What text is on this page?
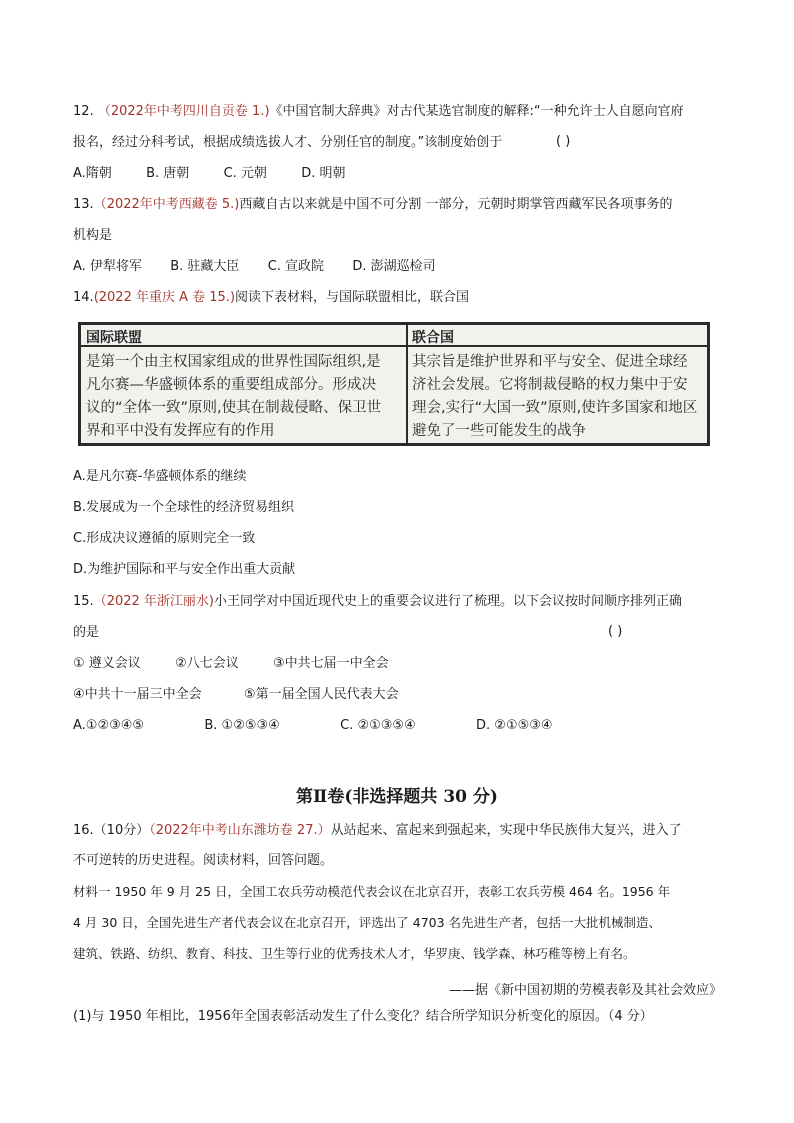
12. （2022年中考四川自贡卷 1.)《中国官制大辞典》对古代某选官制度的解释:“一种允许士人自愿向官府
报名，经过分科考试，根据成绩选拔人才、分别任官的制度。”该制度始创于	( )
A.隋朝	B. 唐朝	C. 元朝	D. 明朝
13.（2022年中考西藏卷 5.)西藏自古以来就是中国不可分割 一部分，元朝时期掌管西藏军民各项事务的
机构是
A. 伊犁将军 B. 驻藏大臣 C. 宣政院 D. 澎湖巡检司
14.(2022 年重庆 A 卷 15.)阅读下表材料，与国际联盟相比，联合国
国际联盟	联合国
是第一个由主权国家组成的世界性国际组织,是
凡尔赛—华盛顿体系的重要组成部分。形成决
议的“全体一致”原则,使其在制裁侵略、保卫世
界和平中没有发挥应有的作用
其宗旨是维护世界和平与安全、促进全球经
济社会发展。它将制裁侵略的权力集中于安
理会,实行“大国一致”原则,使许多国家和地区
避免了一些可能发生的战争
A.是凡尔赛-华盛顿体系的继续
B.发展成为一个全球性的经济贸易组织
C.形成决议遵循的原则完全一致
D.为维护国际和平与安全作出重大贡献
15.（2022 年浙江丽水)小王同学对中国近现代史上的重要会议进行了梳理。以下会议按时间顺序排列正确
的是	( )
① 遵义会议	②八七会议	③中共七届一中全会
④中共十一届三中全会	⑤第一届全国人民代表大会
A.①②③④⑤	B. ①②⑤③④	C. ②①③⑤④	D. ②①⑤③④
第Ⅱ卷(非选择题共 30 分)
16.（10分）（2022年中考山东潍坊卷 27.）从站起来、富起来到强起来，实现中华民族伟大复兴，进入了
不可逆转的历史进程。阅读材料，回答问题。
材料一 1950 年 9 月 25 日，全国工农兵劳动模范代表会议在北京召开，表彰工农兵劳模 464 名。1956 年
4 月 30 日，全国先进生产者代表会议在北京召开，评选出了 4703 名先进生产者，包括一大批机械制造、
建筑、铁路、纺织、教育、科技、卫生等行业的优秀技术人才，华罗庚、钱学森、林巧稚等榜上有名。
——据《新中国初期的劳模表彰及其社会效应》
(1)与 1950 年相比，1956年全国表彰活动发生了什么变化？结合所学知识分析变化的原因。（4 分）
